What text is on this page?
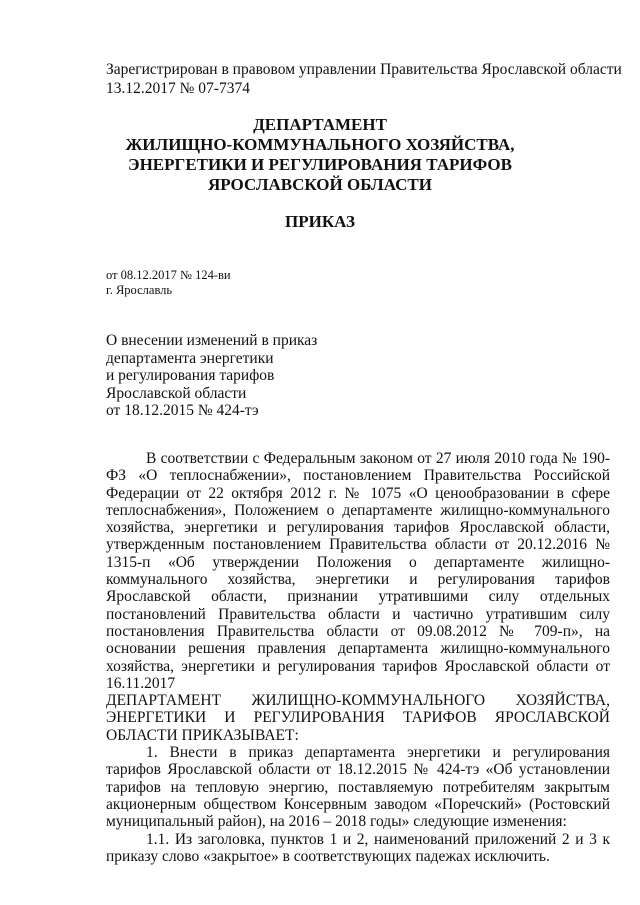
Зарегистрирован в правовом управлении Правительства Ярославской области
13.12.2017 № 07-7374
ДЕПАРТАМЕНТ
ЖИЛИЩНО-КОММУНАЛЬНОГО ХОЗЯЙСТВА,
ЭНЕРГЕТИКИ И РЕГУЛИРОВАНИЯ ТАРИФОВ
ЯРОСЛАВСКОЙ ОБЛАСТИ
ПРИКАЗ
от 08.12.2017 № 124-ви
г. Ярославль
О внесении изменений в приказ
департамента энергетики
и регулирования тарифов
Ярославской области
от 18.12.2015 № 424-тэ

В соответствии с Федеральным законом от 27 июля 2010 года № 190-ФЗ «О теплоснабжении», постановлением Правительства Российской Федерации от 22 октября 2012 г. № 1075 «О ценообразовании в сфере теплоснабжения», Положением о департаменте жилищно-коммунального хозяйства, энергетики и регулирования тарифов Ярославской области, утвержденным постановлением Правительства области от 20.12.2016 № 1315-п «Об утверждении Положения о департаменте жилищно-коммунального хозяйства, энергетики и регулирования тарифов Ярославской области, признании утратившими силу отдельных постановлений Правительства области и частично утратившим силу постановления Правительства области от 09.08.2012 № 709-п», на основании решения правления департамента жилищно-коммунального хозяйства, энергетики и регулирования тарифов Ярославской области от 16.11.2017

ДЕПАРТАМЕНТ ЖИЛИЩНО-КОММУНАЛЬНОГО ХОЗЯЙСТВА, ЭНЕРГЕТИКИ И РЕГУЛИРОВАНИЯ ТАРИФОВ ЯРОСЛАВСКОЙ

ОБЛАСТИ ПРИКАЗЫВАЕТ:

1. Внести в приказ департамента энергетики и регулирования тарифов Ярославской области от 18.12.2015 № 424-тэ «Об установлении тарифов на тепловую энергию, поставляемую потребителям закрытым акционерным обществом Консервным заводом «Поречский» (Ростовский муниципальный район), на 2016 – 2018 годы» следующие изменения:

1.1. Из заголовка, пунктов 1 и 2, наименований приложений 2 и 3 к приказу слово «закрытое» в соответствующих падежах исключить.
